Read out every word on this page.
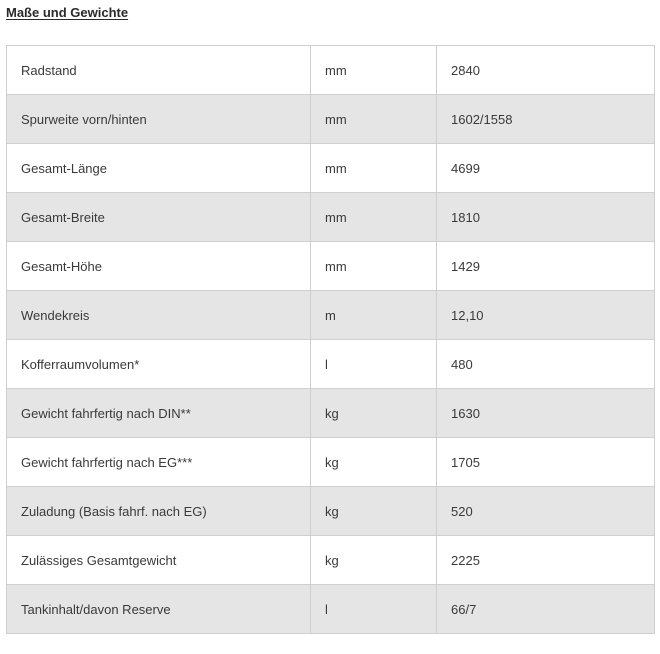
Maße und Gewichte
Radstand	mm	2840
Spurweite vorn/hinten	mm	1602/1558
Gesamt-Länge	mm	4699
Gesamt-Breite	mm	1810
Gesamt-Höhe	mm	1429
Wendekreis	m	12,10
Kofferraumvolumen*	l	480
Gewicht fahrfertig nach DIN**	kg	1630
Gewicht fahrfertig nach EG***	kg	1705
Zuladung (Basis fahrf. nach EG)	kg	520
Zulässiges Gesamtgewicht	kg	2225
Tankinhalt/davon Reserve	l	66/7
